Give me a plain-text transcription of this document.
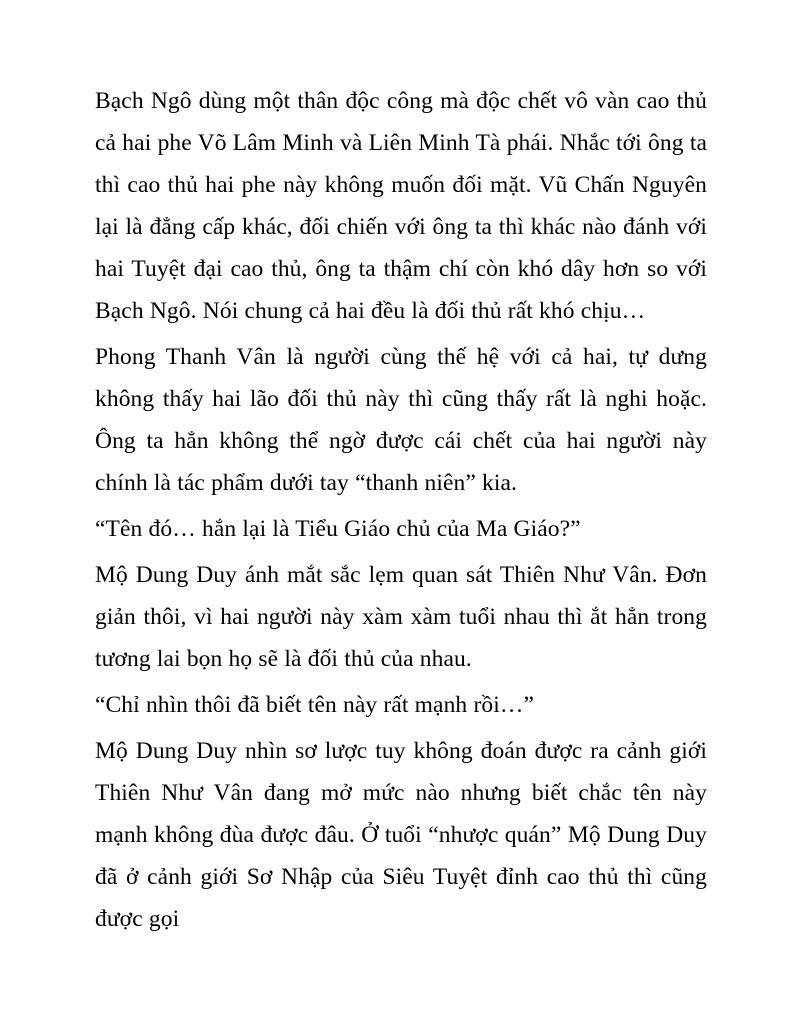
Bạch Ngô dùng một thân độc công mà độc chết vô vàn cao thủ cả hai phe Võ Lâm Minh và Liên Minh Tà phái. Nhắc tới ông ta thì cao thủ hai phe này không muốn đối mặt. Vũ Chấn Nguyên lại là đẳng cấp khác, đối chiến với ông ta thì khác nào đánh với hai Tuyệt đại cao thủ, ông ta thậm chí còn khó dây hơn so với Bạch Ngô. Nói chung cả hai đều là đối thủ rất khó chịu…

Phong Thanh Vân là người cùng thế hệ với cả hai, tự dưng không thấy hai lão đối thủ này thì cũng thấy rất là nghi hoặc. Ông ta hẳn không thể ngờ được cái chết của hai người này chính là tác phẩm dưới tay “thanh niên” kia.

“Tên đó… hắn lại là Tiểu Giáo chủ của Ma Giáo?”

Mộ Dung Duy ánh mắt sắc lẹm quan sát Thiên Như Vân. Đơn giản thôi, vì hai người này xàm xàm tuổi nhau thì ắt hẳn trong tương lai bọn họ sẽ là đối thủ của nhau.

“Chỉ nhìn thôi đã biết tên này rất mạnh rồi…”

Mộ Dung Duy nhìn sơ lược tuy không đoán được ra cảnh giới Thiên Như Vân đang mở mức nào nhưng biết chắc tên này mạnh không đùa được đâu. Ở tuổi “nhược quán” Mộ Dung Duy đã ở cảnh giới Sơ Nhập của Siêu Tuyệt đỉnh cao thủ thì cũng được gọi
